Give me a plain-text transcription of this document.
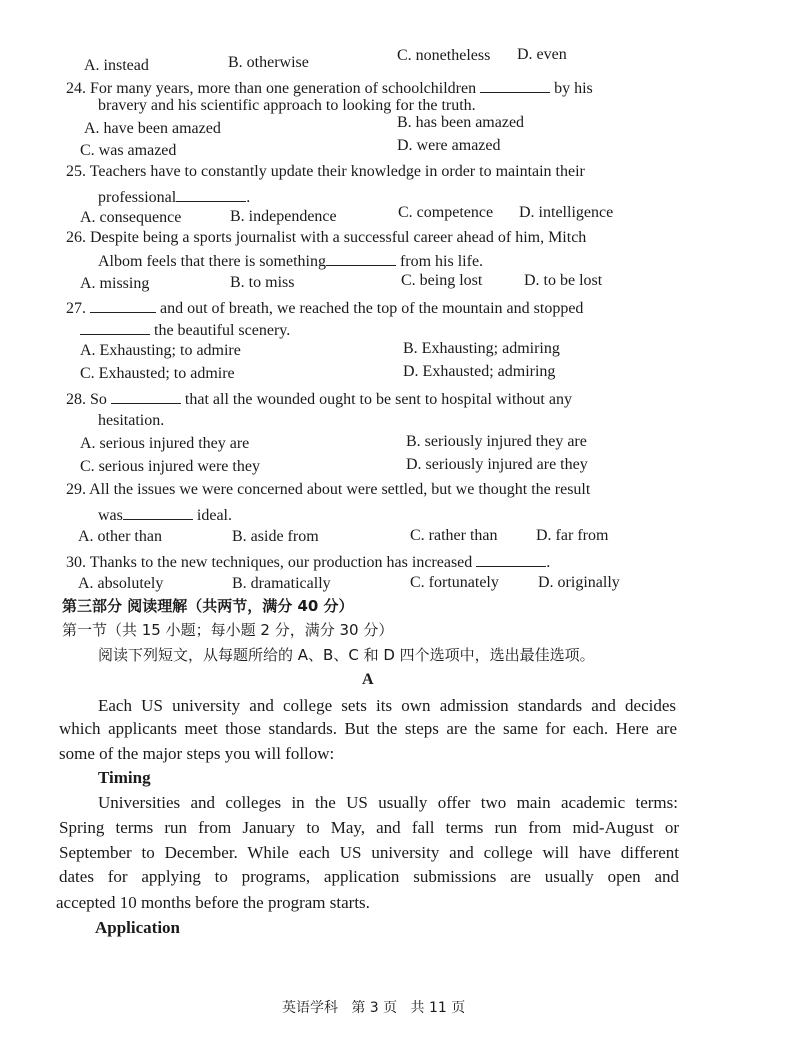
A. instead	B. otherwise	C. nonetheless D. even
24. For many years, more than one generation of schoolchildren	by his
bravery and his scientific approach to looking for the truth.
A. have been amazed	B. has been amazed
C. was amazed	D. were amazed
25. Teachers have to constantly update their knowledge in order to maintain their
professional	.
A. consequence	B. independence	C. competence D. intelligence
26. Despite being a sports journalist with a successful career ahead of him, Mitch
Albom feels that there is something	from his life.
A. missing	B. to miss	C. being lost	D. to be lost
27.	and out of breath, we reached the top of the mountain and stopped
the beautiful scenery.
A. Exhausting; to admire	B. Exhausting; admiring
C. Exhausted; to admire	D. Exhausted; admiring
28. So	that all the wounded ought to be sent to hospital without any
hesitation.
A. serious injured they are	B. seriously injured they are
C. serious injured were they	D. seriously injured are they
29. All the issues we were concerned about were settled, but we thought the result
was	ideal.
A. other than	B. aside from	C. rather than D. far from
30. Thanks to the new techniques, our production has increased	.
A. absolutely	B. dramatically	C. fortunately D. originally
第三部分 阅读理解（共两节，满分 40 分）
第一节（共 15 小题；每小题 2 分，满分 30 分）
阅读下列短文，从每题所给的 A、B、C 和 D 四个选项中，选出最佳选项。
A
Each US university and college sets its own admission standards and decides
which applicants meet those standards. But the steps are the same for each. Here are
some of the major steps you will follow:
Timing
Universities and colleges in the US usually offer two main academic terms:
Spring terms run from January to May, and fall terms run from mid-August or
September to December. While each US university and college will have different
dates for applying to programs, application submissions are usually open and
accepted 10 months before the program starts.
Application
英语学科   第 3 页   共 11 页
